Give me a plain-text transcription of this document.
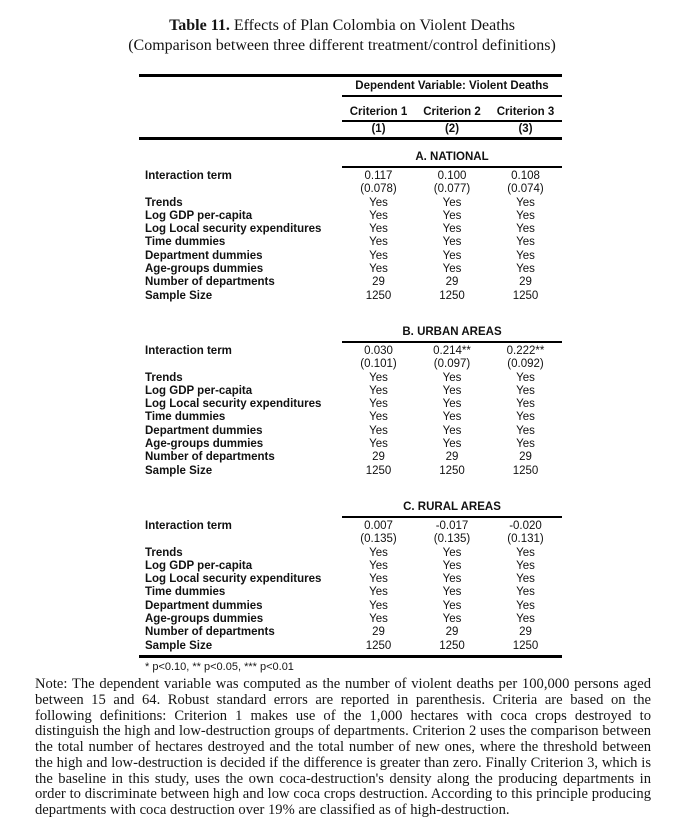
Table 11. Effects of Plan Colombia on Violent Deaths
(Comparison between three different treatment/control definitions)
Dependent Variable: Violent Deaths
Criterion 1	Criterion 2	Criterion 3
(1)	(2)	(3)
A. NATIONAL
Interaction term	0.117	0.100	0.108
(0.078)	(0.077)	(0.074)
Trends	Yes	Yes	Yes
Log GDP per-capita	Yes	Yes	Yes
Log Local security expenditures	Yes	Yes	Yes
Time dummies	Yes	Yes	Yes
Department dummies	Yes	Yes	Yes
Age-groups dummies	Yes	Yes	Yes
Number of departments	29	29	29
Sample Size	1250	1250	1250
B. URBAN AREAS
Interaction term	0.030	0.214**	0.222**
(0.101)	(0.097)	(0.092)
Trends	Yes	Yes	Yes
Log GDP per-capita	Yes	Yes	Yes
Log Local security expenditures	Yes	Yes	Yes
Time dummies	Yes	Yes	Yes
Department dummies	Yes	Yes	Yes
Age-groups dummies	Yes	Yes	Yes
Number of departments	29	29	29
Sample Size	1250	1250	1250
C. RURAL AREAS
Interaction term	0.007	-0.017	-0.020
(0.135)	(0.135)	(0.131)
Trends	Yes	Yes	Yes
Log GDP per-capita	Yes	Yes	Yes
Log Local security expenditures	Yes	Yes	Yes
Time dummies	Yes	Yes	Yes
Department dummies	Yes	Yes	Yes
Age-groups dummies	Yes	Yes	Yes
Number of departments	29	29	29
Sample Size	1250	1250	1250
* p<0.10, ** p<0.05, *** p<0.01

Note: The dependent variable was computed as the number of violent deaths per 100,000 persons aged between 15 and 64. Robust standard errors are reported in parenthesis. Criteria are based on the following definitions: Criterion 1 makes use of the 1,000 hectares with coca crops destroyed to distinguish the high and low-destruction groups of departments. Criterion 2 uses the comparison between the total number of hectares destroyed and the total number of new ones, where the threshold between the high and low-destruction is decided if the difference is greater than zero. Finally Criterion 3, which is the baseline in this study, uses the own coca-destruction's density along the producing departments in order to discriminate between high and low coca crops destruction. According to this principle producing departments with coca destruction over 19% are classified as of high-destruction.
